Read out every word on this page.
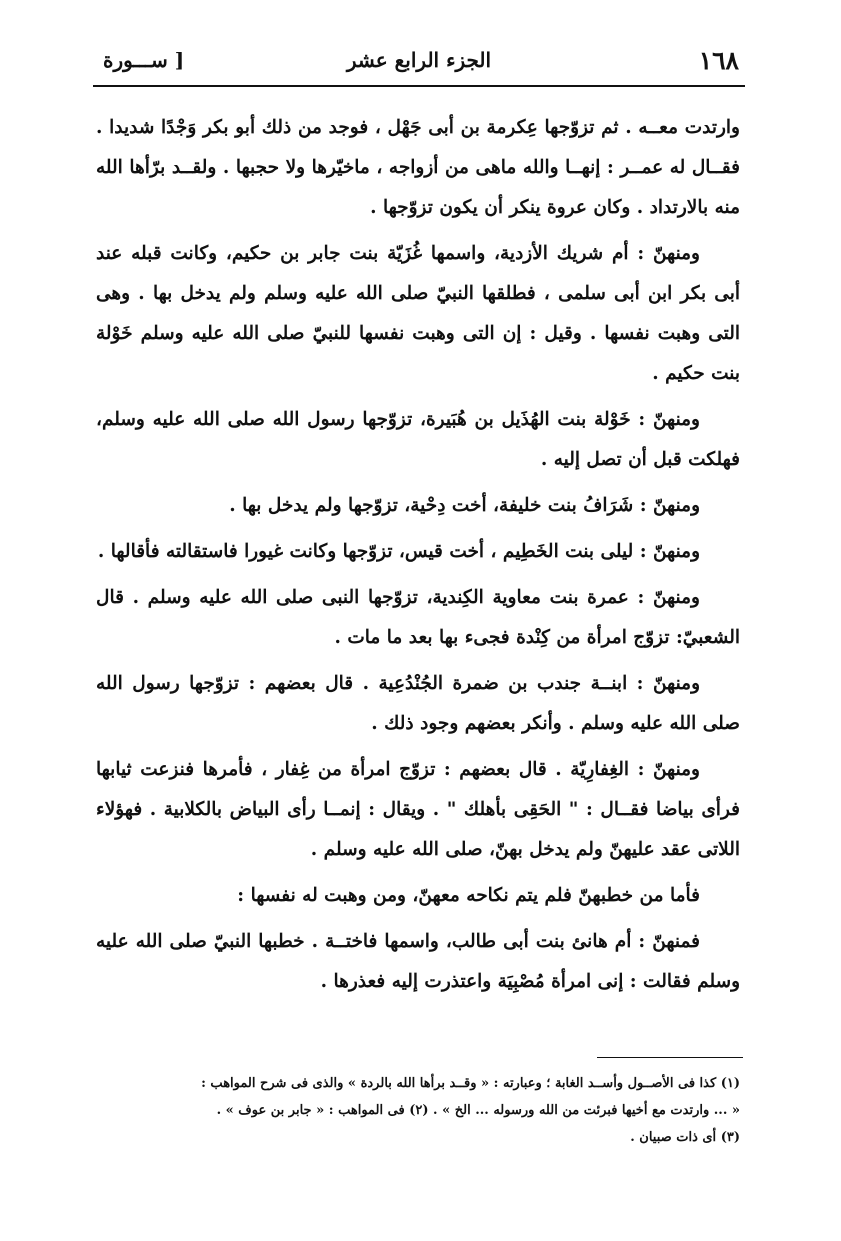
١٦٨
الجزء الرابع عشر
[ ســـورة

وارتدت معــه . ثم تزوّجها عِكرمة بن أبى جَهْل ، فوجد من ذلك أبو بكر وَجْدًا شديدا . فقــال له عمــر : إنهــا والله ماهى من أزواجه ، ماخيّرها ولا حجبها . ولقــد برّأها الله منه بالارتداد . وكان عروة ينكر أن يكون تزوّجها .

ومنهنّ : أم شريك الأزدية، واسمها غُزَيّة بنت جابر بن حكيم، وكانت قبله عند أبى بكر ابن أبى سلمى ، فطلقها النبيّ صلى الله عليه وسلم ولم يدخل بها . وهى التى وهبت نفسها . وقيل : إن التى وهبت نفسها للنبيّ صلى الله عليه وسلم خَوْلة بنت حكيم .

ومنهنّ : خَوْلة بنت الهُذَيل بن هُبَيرة، تزوّجها رسول الله صلى الله عليه وسلم، فهلكت قبل أن تصل إليه .

ومنهنّ : شَرَافُ بنت خليفة، أخت دِحْية، تزوّجها ولم يدخل بها .

ومنهنّ : ليلى بنت الخَطِيم ، أخت قيس، تزوّجها وكانت غيورا فاستقالته فأقالها .

ومنهنّ : عمرة بنت معاوية الكِندية، تزوّجها النبى صلى الله عليه وسلم . قال الشعبيّ: تزوّج امرأة من كِنْدة فجىء بها بعد ما مات .

ومنهنّ : ابنــة جندب بن ضمرة الجُنْدُعِية . قال بعضهم : تزوّجها رسول الله صلى الله عليه وسلم . وأنكر بعضهم وجود ذلك .

ومنهنّ : الغِفارِيّة . قال بعضهم : تزوّج امرأة من غِفار ، فأمرها فنزعت ثيابها فرأى بياضا فقــال : " الحَقِى بأهلك " . ويقال : إنمــا رأى البياض بالكلابية . فهؤلاء اللاتى عقد عليهنّ ولم يدخل بهنّ، صلى الله عليه وسلم .

فأما من خطبهنّ فلم يتم نكاحه معهنّ، ومن وهبت له نفسها :

فمنهنّ : أم هانئ بنت أبى طالب، واسمها فاختــة . خطبها النبيّ صلى الله عليه وسلم فقالت : إنى امرأة مُصْبِيَة واعتذرت إليه فعذرها .

(١) كذا فى الأصــول وأســد الغابة ؛ وعبارته : « وقــد برأها الله بالردة » والذى فى شرح المواهب :

« ... وارتدت مع أخيها فبرئت من الله ورسوله ... الخ » . (٢) فى المواهب : « جابر بن عوف » .

(٣) أى ذات صبيان .
